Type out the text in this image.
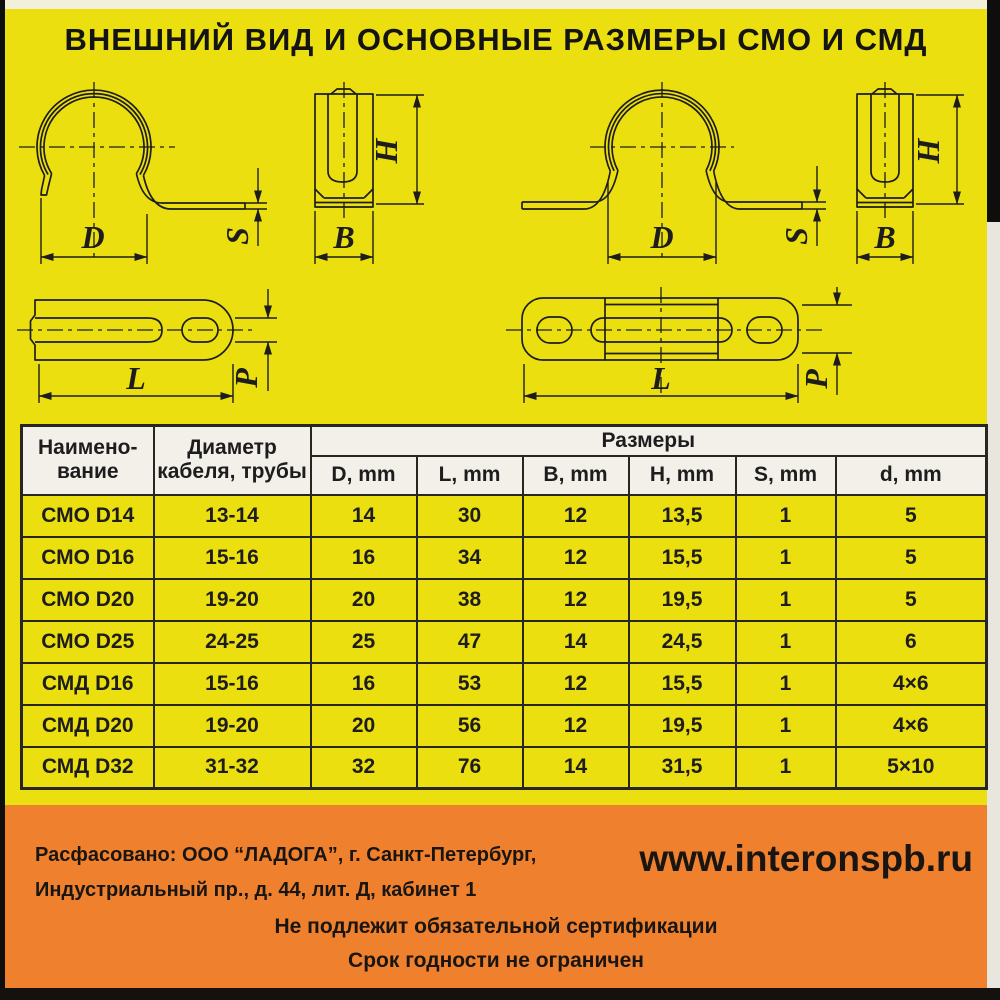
ВНЕШНИЙ ВИД И ОСНОВНЫЕ РАЗМЕРЫ СМО И СМД
D	S
H
B	D	S
H
B
L	P	L	P
Наимено-
вание	Диаметр
кабеля, трубы	Размеры					
		D, mm	L, mm	B, mm	H, mm	S, mm	d, mm
СМО D14	13-14	14	30	12	13,5	1	5
СМО D16	15-16	16	34	12	15,5	1	5
СМО D20	19-20	20	38	12	19,5	1	5
СМО D25	24-25	25	47	14	24,5	1	6
СМД D16	15-16	16	53	12	15,5	1	4×6
СМД D20	19-20	20	56	12	19,5	1	4×6
СМД D32	31-32	32	76	14	31,5	1	5×10
Расфасовано: ООО “ЛАДОГА”, г. Санкт-Петербург,
Индустриальный пр., д. 44, лит. Д, кабинет 1
www.interonspb.ru
Не подлежит обязательной сертификации
Срок годности не ограничен
